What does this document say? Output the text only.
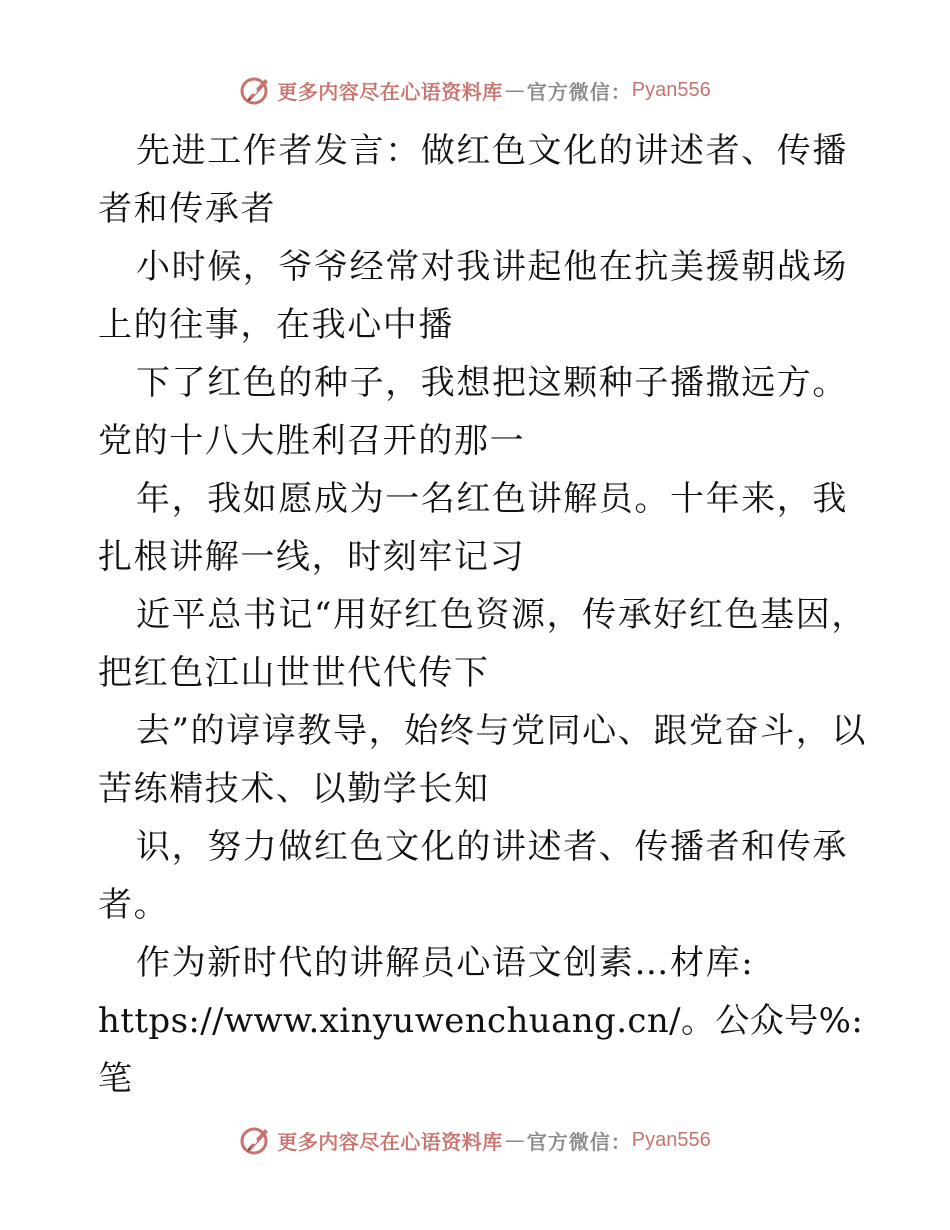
更多内容尽在心语资料库 — 官方微信： Pyan556

先进工作者发言：做红色文化的讲述者、传播者和传承者

小时候，爷爷经常对我讲起他在抗美援朝战场上的往事，在我心中播

下了红色的种子，我想把这颗种子播撒远方。党的十八大胜利召开的那一

年，我如愿成为一名红色讲解员。十年来，我扎根讲解一线，时刻牢记习

近平总书记“用好红色资源，传承好红色基因，把红色江山世世代代传下

去”的谆谆教导，始终与党同心、跟党奋斗，以苦练精技术、以勤学长知

识，努力做红色文化的讲述者、传播者和传承者。

作为新时代的讲解员心语文创素…材库:

https://www.xinyuwenchuang.cn/。公众号%: 笔

更多内容尽在心语资料库 — 官方微信： Pyan556
